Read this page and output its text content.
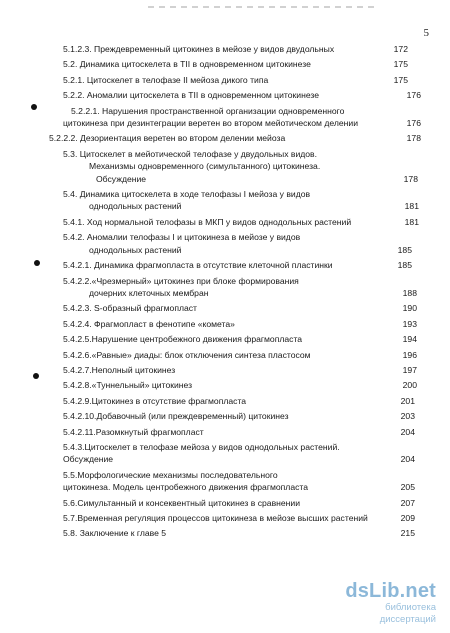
5
5.1.2.3. Преждевременный цитокинез в мейозе у видов двудольных	172
5.2. Динамика цитоскелета в ТII в одновременном цитокинезе	175
5.2.1. Цитоскелет в телофазе II мейоза дикого типа	175
5.2.2. Аномалии цитоскелета в ТII в одновременном цитокинезе	176
5.2.2.1. Нарушения пространственной организации одновременного
цитокинеза при дезинтеграции веретен во втором мейотическом делении	176
5.2.2.2. Дезориентация веретен во втором делении мейоза	178
5.3. Цитоскелет в мейотической телофазе у двудольных видов.
Механизмы одновременного (симультанного) цитокинеза.
Обсуждение	178
5.4. Динамика цитоскелета в ходе телофазы I мейоза у видов
однодольных растений	181
5.4.1. Ход нормальной телофазы в МКП у видов однодольных растений	181
5.4.2. Аномалии телофазы I и цитокинеза в мейозе у видов
однодольных растений	185
5.4.2.1. Динамика фрагмопласта в отсутствие клеточной пластинки	185
5.4.2.2.«Чрезмерный» цитокинез при блоке формирования
дочерних клеточных мембран	188
5.4.2.3. S-образный фрагмопласт	190
5.4.2.4. Фрагмопласт в фенотипе «комета»	193
5.4.2.5.Нарушение центробежного движения фрагмопласта	194
5.4.2.6.«Равные» диады: блок отключения синтеза пластосом	196
5.4.2.7.Неполный цитокинез	197
5.4.2.8.«Туннельный» цитокинез	200
5.4.2.9.Цитокинез в отсутствие фрагмопласта	201
5.4.2.10.Добавочный (или преждевременный) цитокинез	203
5.4.2.11.Разомкнутый фрагмопласт	204
5.4.3.Цитоскелет в телофазе мейоза у видов однодольных растений.
Обсуждение	204
5.5.Морфологические механизмы последовательного
цитокинеза. Модель центробежного движения фрагмопласта	205
5.6.Симультанный и консеквентный цитокинез в сравнении	207
5.7.Временная регуляция процессов цитокинеза в мейозе высших растений	209
5.8. Заключение к главе 5	215
dsLib.net
библиотека диссертаций
